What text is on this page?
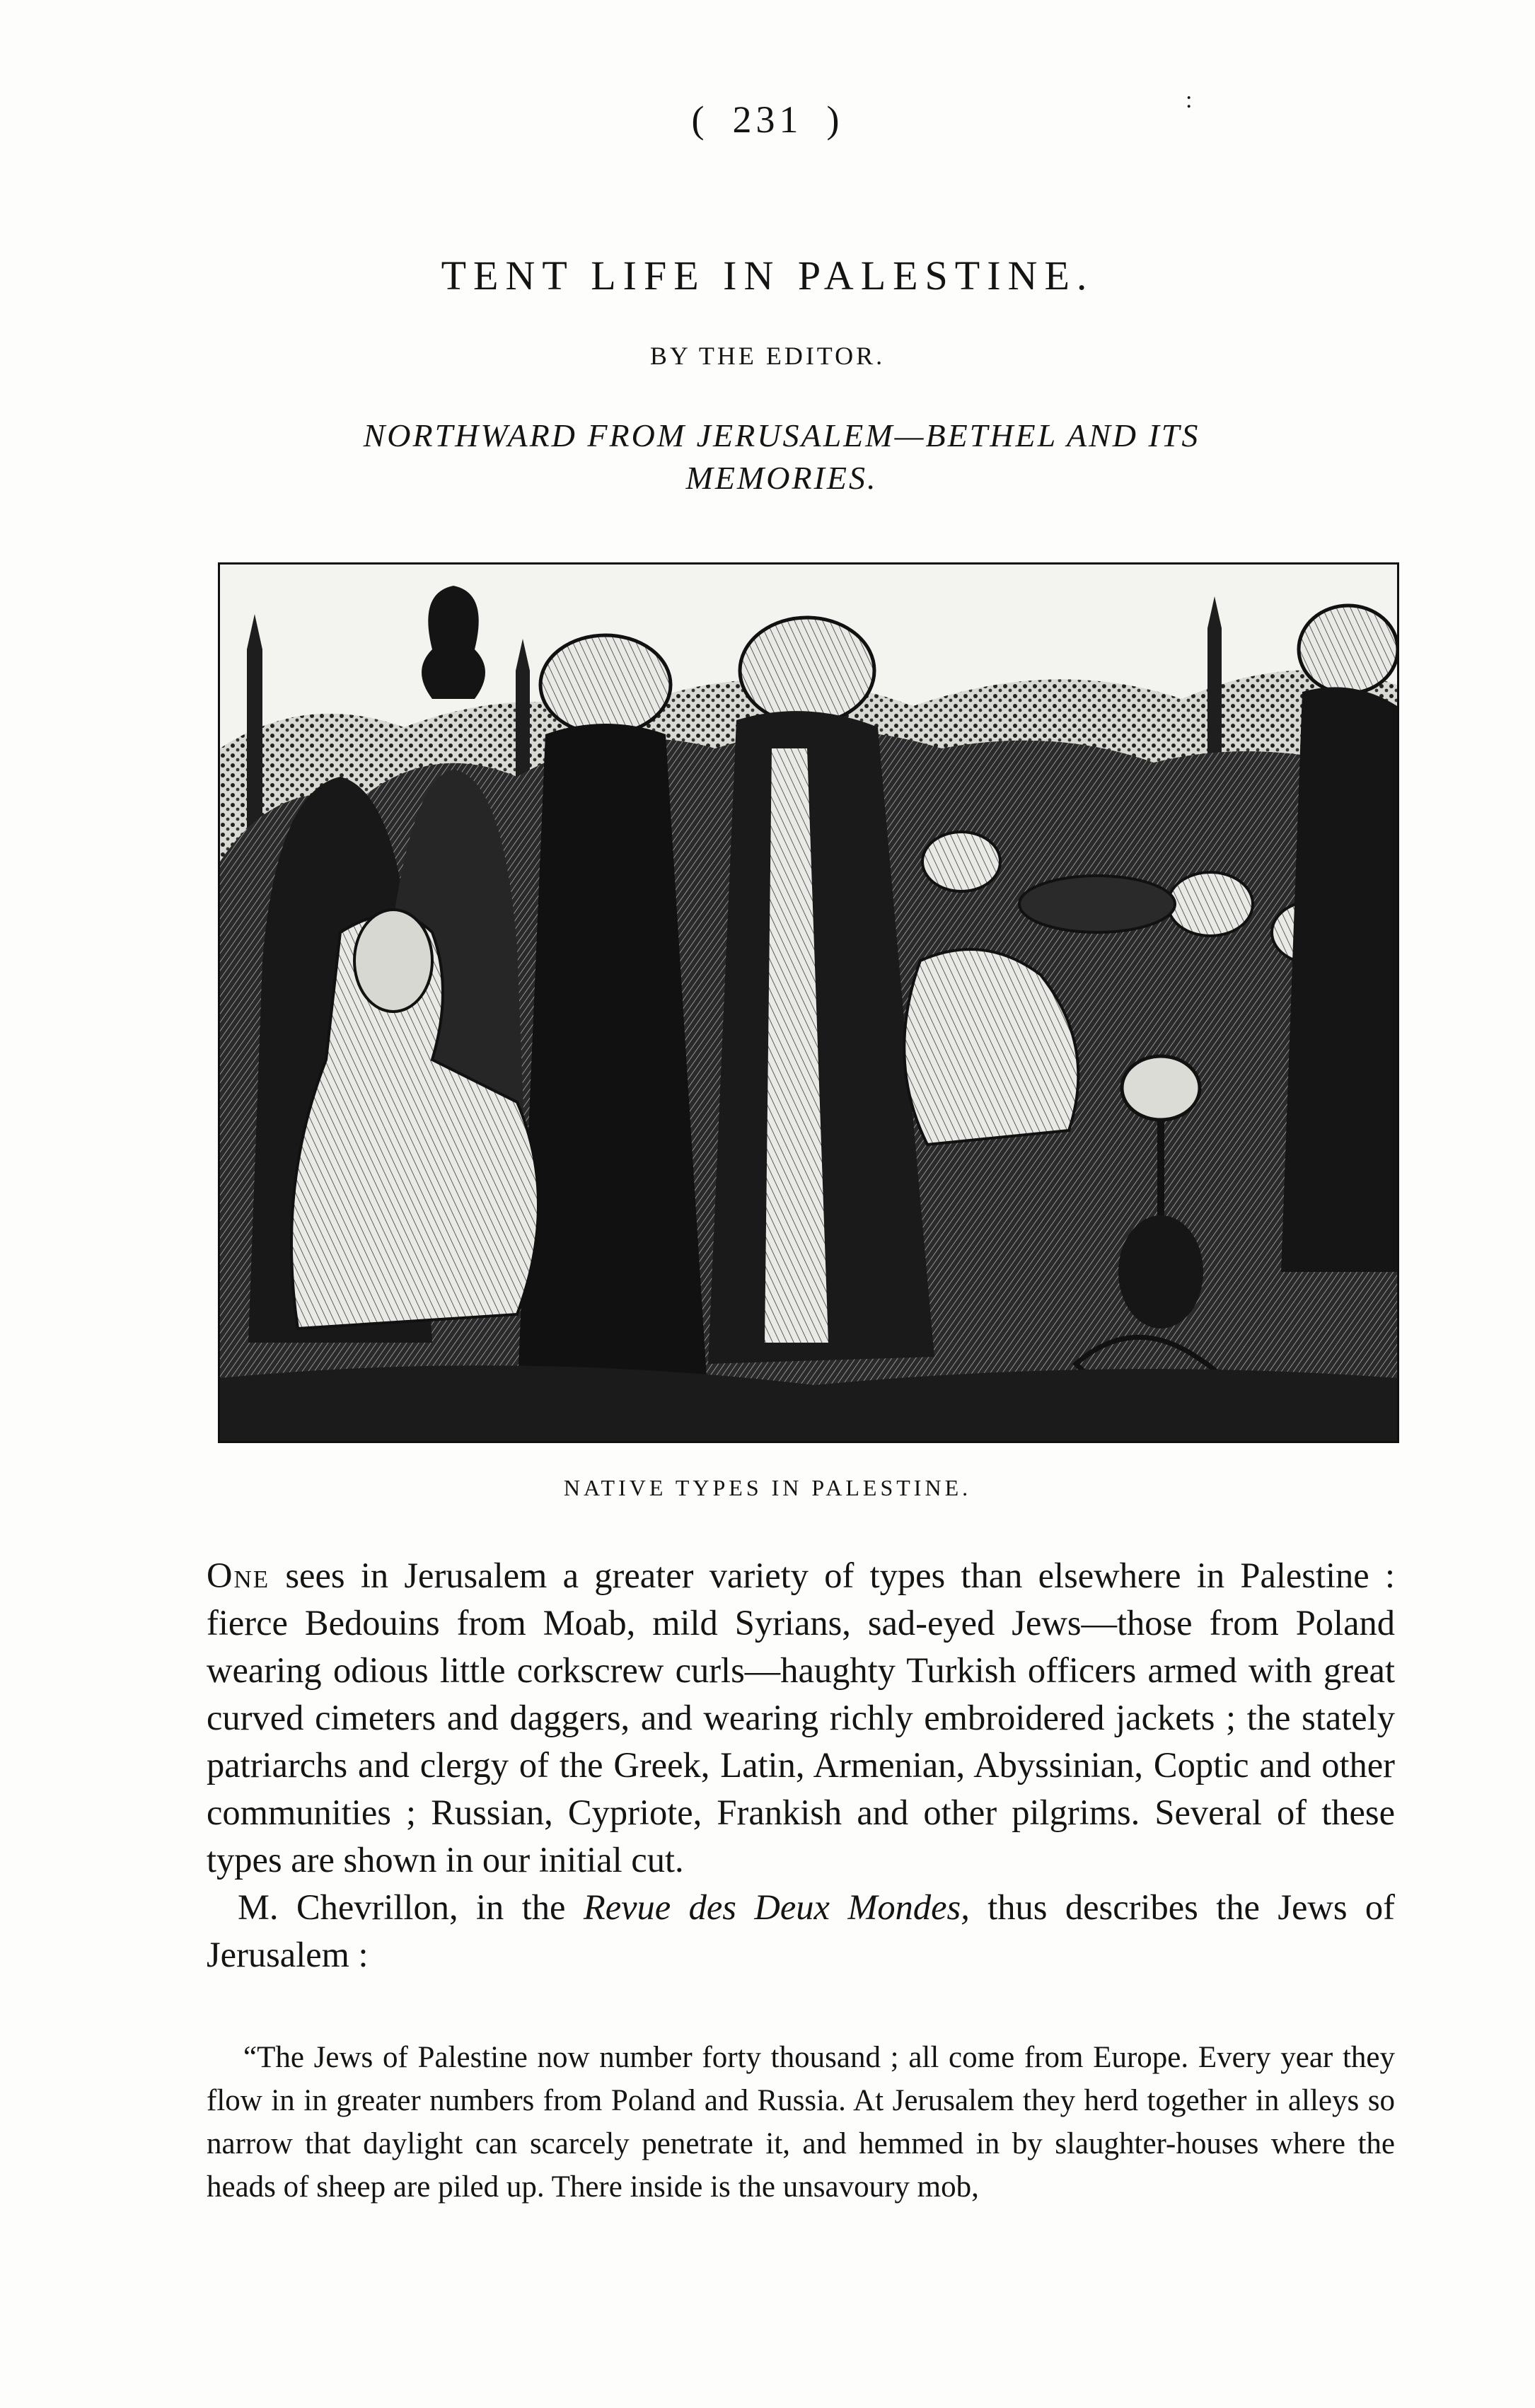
( 231 )	:
TENT LIFE IN PALESTINE.
BY THE EDITOR.
NORTHWARD FROM JERUSALEM—BETHEL AND ITS MEMORIES.
NATIVE TYPES IN PALESTINE.

One sees in Jerusalem a greater variety of types than elsewhere in Palestine : fierce Bedouins from Moab, mild Syrians, sad-eyed Jews—those from Poland wearing odious little corkscrew curls—haughty Turkish officers armed with great curved cimeters and daggers, and wearing richly embroidered jackets ; the stately patriarchs and clergy of the Greek, Latin, Armenian, Abyssinian, Coptic and other communities ; Russian, Cypriote, Frankish and other pilgrims. Several of these types are shown in our initial cut.

M. Chevrillon, in the Revue des Deux Mondes, thus describes the Jews of Jerusalem :

“The Jews of Palestine now number forty thousand ; all come from Europe. Every year they flow in in greater numbers from Poland and Russia. At Jerusalem they herd together in alleys so narrow that daylight can scarcely penetrate it, and hemmed in by slaughter-houses where the heads of sheep are piled up. There inside is the unsavoury mob,
